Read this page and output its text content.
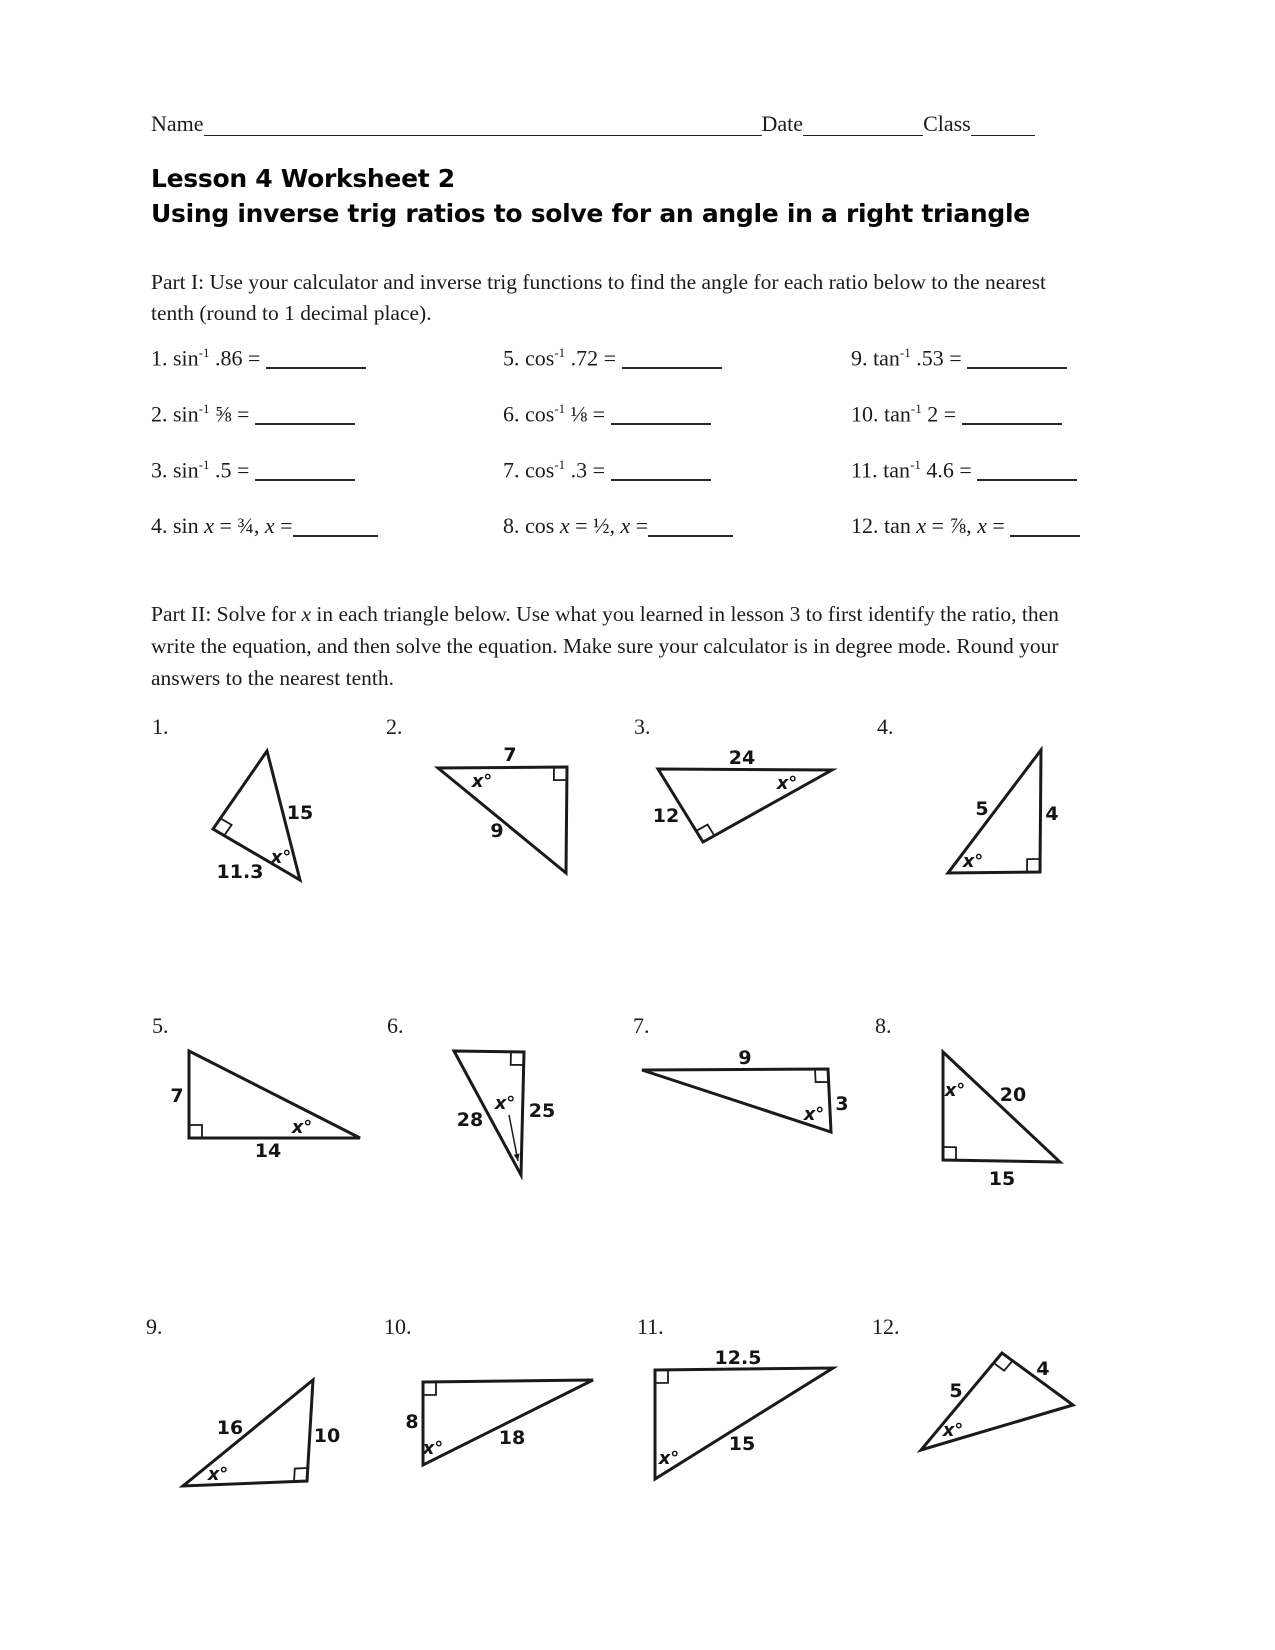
Name	Date	Class
Lesson 4 Worksheet 2
Using inverse trig ratios to solve for an angle in a right triangle
Part I: Use your calculator and inverse trig functions to find the angle for each ratio below to the nearest tenth (round to 1 decimal place).
1. $\sin^{-1} .86$ =
2. $\sin^{-1}$ ⅝ =
3. $\sin^{-1} .5$ =
4. sin x = ¾, x =
5. $\cos^{-1} .72$ =
6. $\cos^{-1}$ ⅛ =
7. $\cos^{-1} .3$ =
8. cos x = ½, x =
9. $\tan^{-1} .53$ =
10. $\tan^{-1} 2$ =
11. $\tan^{-1} 4.6$ =
12. tan x = ⅞, x =
Part II: Solve for x in each triangle below. Use what you learned in lesson 3 to first identify the ratio, then write the equation, and then solve the equation. Make sure your calculator is in degree mode. Round your answers to the nearest tenth.
15
x°
11.3
7
x°
9
24
12
x°
5	4
x°
7
14
x°	28 25
x°
9
3
x°
x° 20
15
16	10
x°
8
x°	18
12.5
15
x°
5
4
x°
1.	2.	3.	4.
5.	6.	7.	8.
9.	10.	11.	12.
